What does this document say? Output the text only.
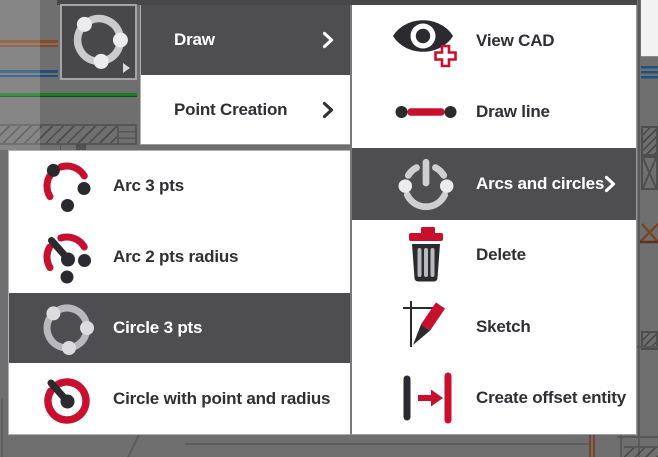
Draw
Point Creation
View CAD
Draw line
Arcs and circles
Delete
Sketch
Create offset entity
Arc 3 pts
Arc 2 pts radius
Circle 3 pts
Circle with point and radius
